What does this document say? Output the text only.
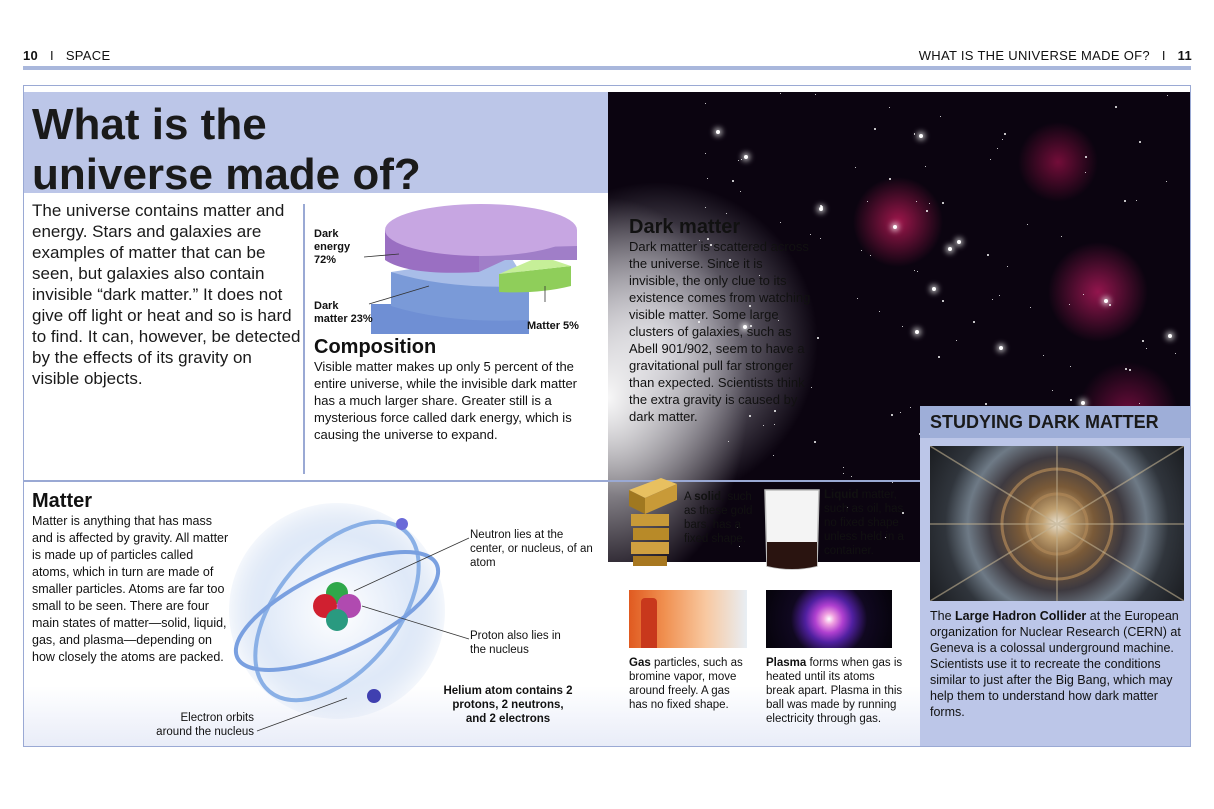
10 I SPACE	WHAT IS THE UNIVERSE MADE OF? I 11
What is the
universe made of?
The universe contains matter and energy. Stars and galaxies are examples of matter that can be seen, but galaxies also contain invisible “dark matter.” It does not give off light or heat and so is hard to find. It can, however, be detected by the effects of its gravity on visible objects.
Dark
energy
72%
Dark
matter 23%
Matter 5%
Composition
Visible matter makes up only 5 percent of the entire universe, while the invisible dark matter has a much larger share. Greater still is a mysterious force called dark energy, which is causing the universe to expand.
Dark matter
Dark matter is scattered across the universe. Since it is invisible, the only clue to its existence comes from watching visible matter. Some large clusters of galaxies, such as Abell 901/902, seem to have a gravitational pull far stronger than expected. Scientists think the extra gravity is caused by dark matter.
Matter
Matter is anything that has mass and is affected by gravity. All matter is made up of particles called atoms, which in turn are made of smaller particles. Atoms are far too small to be seen. There are four main states of matter—solid, liquid, gas, and plasma—depending on how closely the atoms are packed.
Neutron lies at the center, or nucleus, of an atom
Proton also lies in the nucleus
Helium atom contains 2 protons, 2 neutrons, and 2 electrons
Electron orbits around the nucleus
A solid, such as these gold bars, has a fixed shape.
Liquid matter, such as oil, has no fixed shape unless held in a container.
Gas particles, such as bromine vapor, move around freely. A gas has no fixed shape.
Plasma forms when gas is heated until its atoms break apart. Plasma in this ball was made by running electricity through gas.
STUDYING DARK MATTER
The Large Hadron Collider at the European organization for Nuclear Research (CERN) at Geneva is a colossal underground machine. Scientists use it to recreate the conditions similar to just after the Big Bang, which may help them to understand how dark matter forms.
